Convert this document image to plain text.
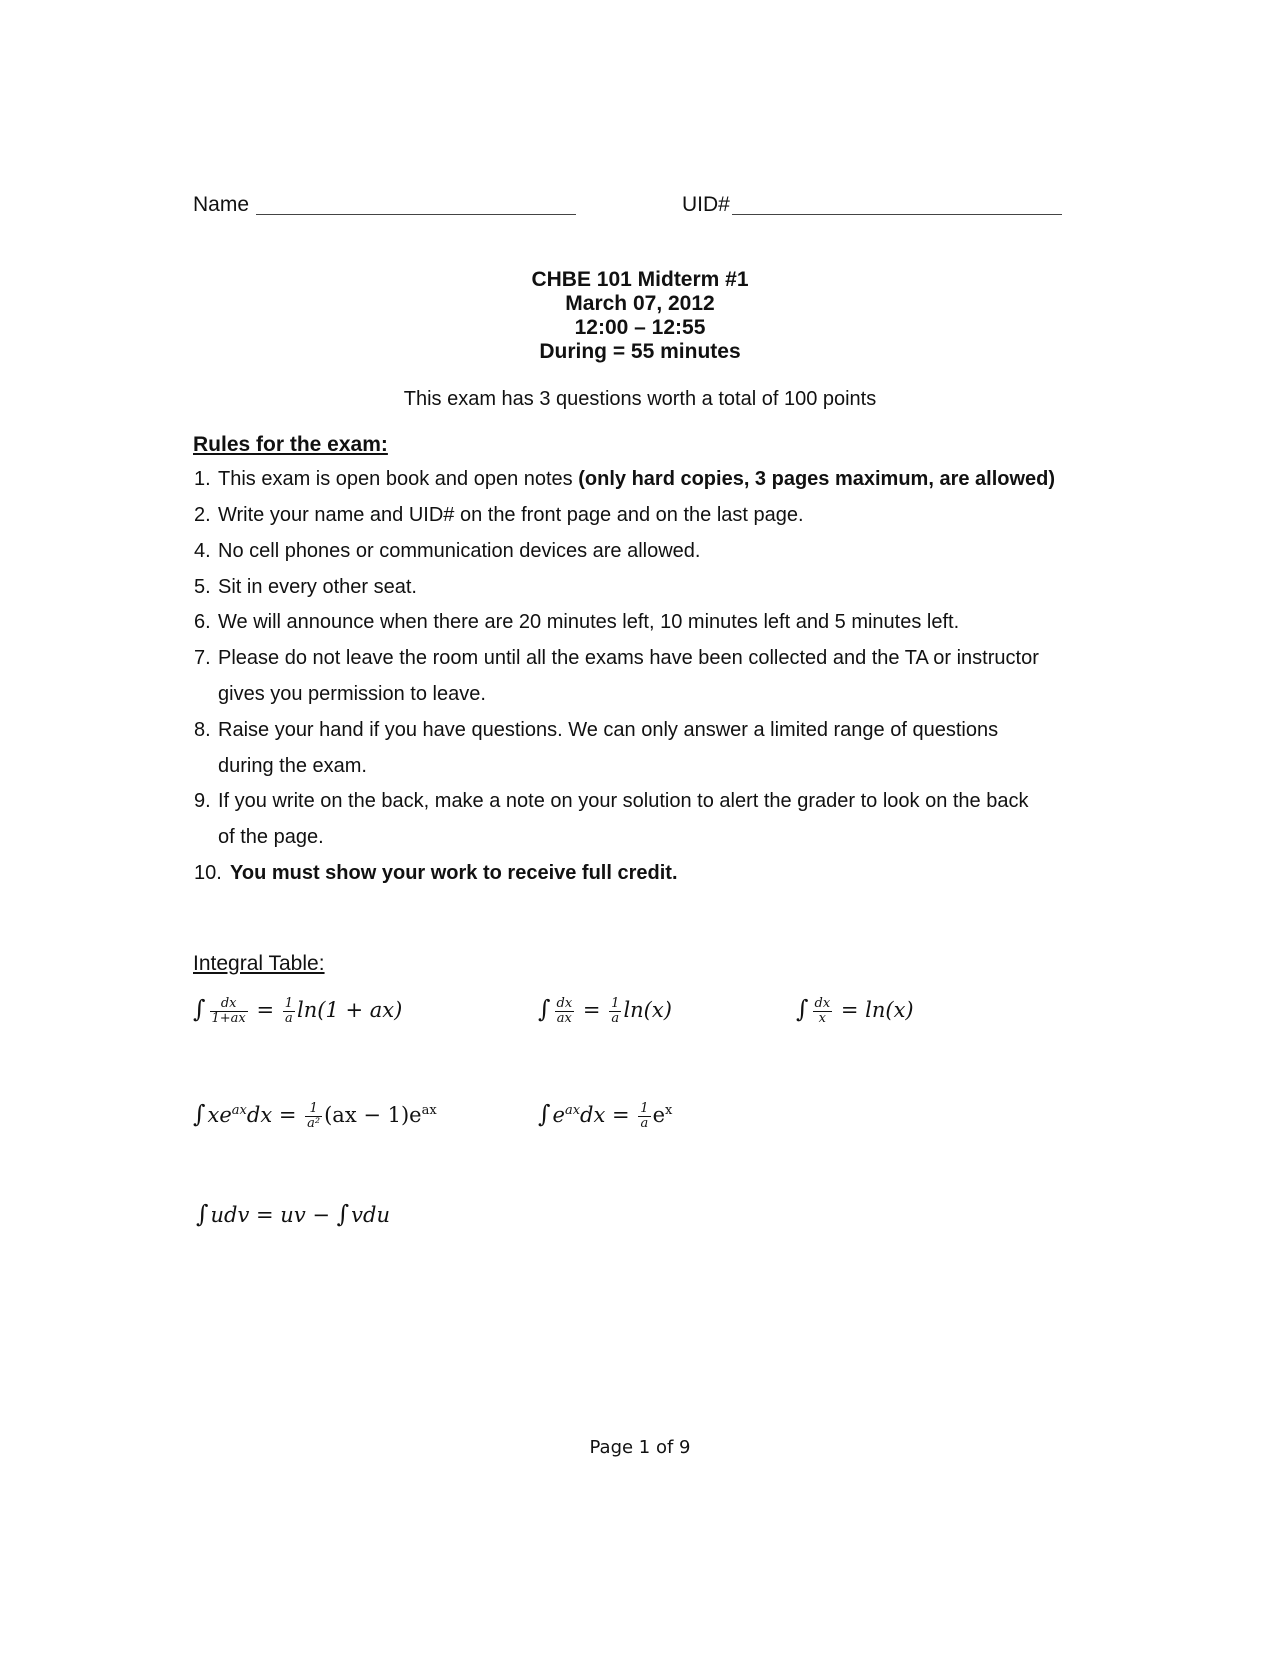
Name	UID#
CHBE 101 Midterm #1
March 07, 2012
12:00 – 12:55
During = 55 minutes
This exam has 3 questions worth a total of 100 points
Rules for the exam:
1. This exam is open book and open notes (only hard copies, 3 pages maximum, are allowed)
2. Write your name and UID# on the front page and on the last page.
4. No cell phones or communication devices are allowed.
5. Sit in every other seat.
6. We will announce when there are 20 minutes left, 10 minutes left and 5 minutes left.
7. Please do not leave the room until all the exams have been collected and the TA or instructor
gives you permission to leave.
8. Raise your hand if you have questions. We can only answer a limited range of questions
during the exam.
9. If you write on the back, make a note on your solution to alert the grader to look on the back
of the page.
10. You must show your work to receive full credit.
Integral Table:
∫ $\frac{dx}{1+ax} = \frac{1}{a} \ln(1 + ax)$	∫ $\frac{dx}{ax} = \frac{1}{a} \ln(x)$	∫ $\frac{dx}{x} = \ln(x)$
$\int xe^{ax}dx = \frac{1}{\text{a²}} (ax - 1)e^{ax}$	$\int e^{ax}dx = \frac{1}{a} e^x$
∫udv = uv − ∫vdu
Page 1 of 9
